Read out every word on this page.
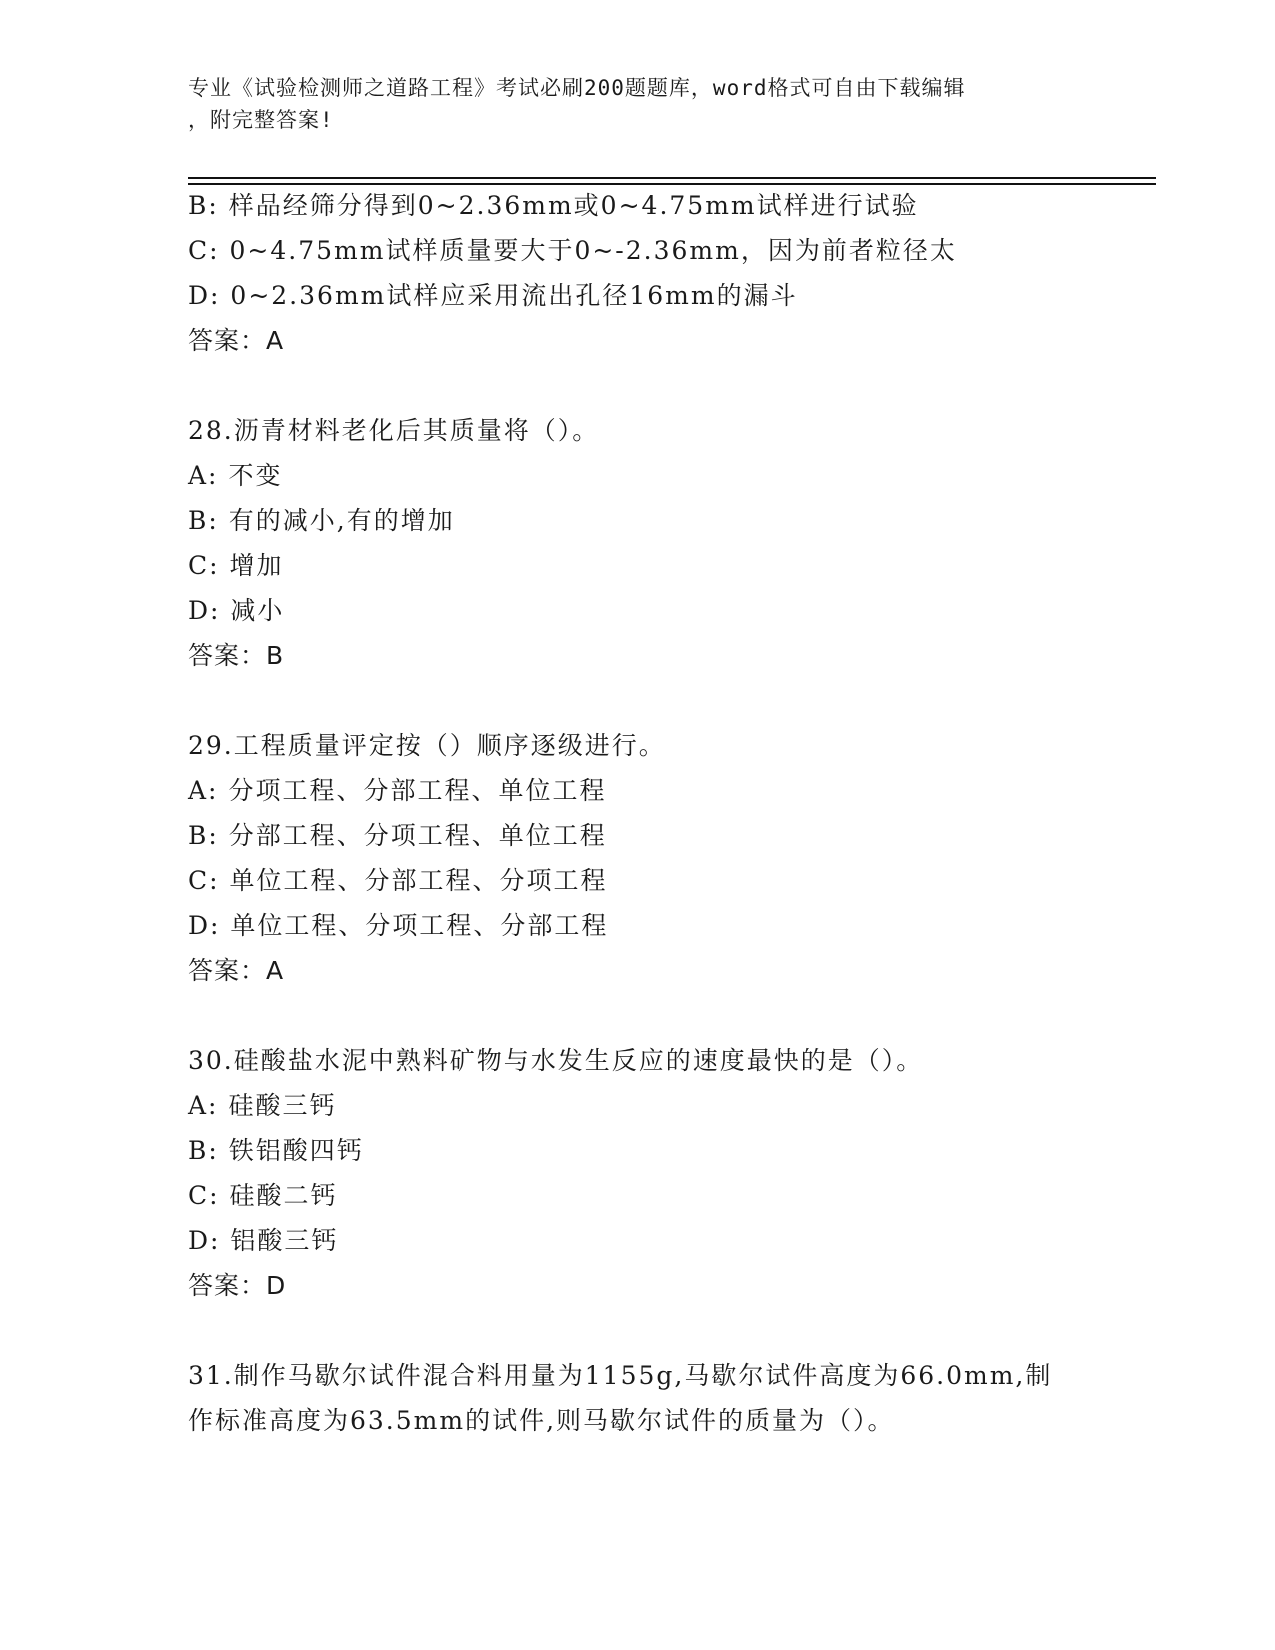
专业《试验检测师之道路工程》考试必刷200题题库，word格式可自由下载编辑
，附完整答案!
B: 样品经筛分得到0~2.36mm或0~4.75mm试样进行试验
C: 0~4.75mm试样质量要大于0~-2.36mm，因为前者粒径太
D: 0~2.36mm试样应采用流出孔径16mm的漏斗
答案：A
28.沥青材料老化后其质量将（）。
A: 不变
B: 有的减小,有的增加
C: 增加
D: 减小
答案：B
29.工程质量评定按（）顺序逐级进行。
A: 分项工程、分部工程、单位工程
B: 分部工程、分项工程、单位工程
C: 单位工程、分部工程、分项工程
D: 单位工程、分项工程、分部工程
答案：A
30.硅酸盐水泥中熟料矿物与水发生反应的速度最快的是（）。
A: 硅酸三钙
B: 铁铝酸四钙
C: 硅酸二钙
D: 铝酸三钙
答案：D
31.制作马歇尔试件混合料用量为1155g,马歇尔试件高度为66.0mm,制
作标准高度为63.5mm的试件,则马歇尔试件的质量为（）。
